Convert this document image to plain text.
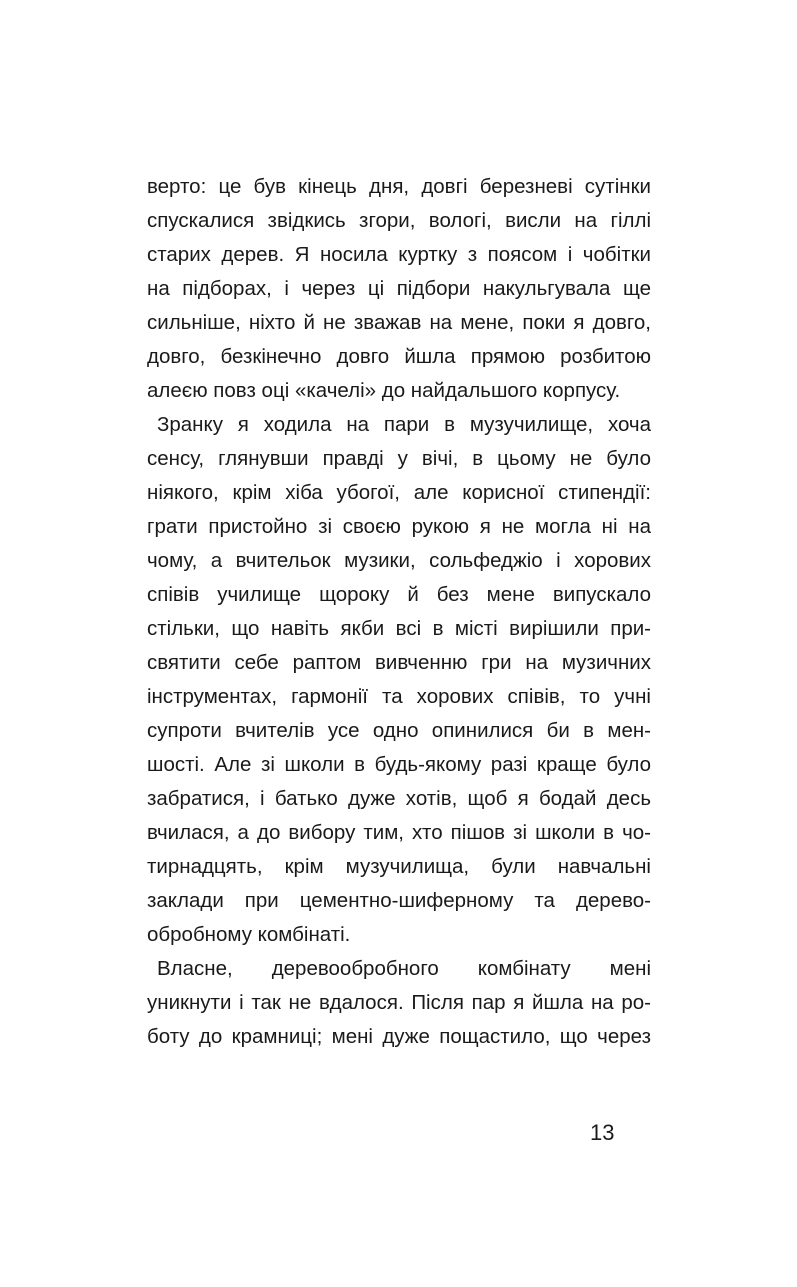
верто: це був кінець дня, довгі березневі сутінки
спускалися звідкись згори, вологі, висли на гіллі
старих дерев. Я носила куртку з поясом і чобітки
на підборах, і через ці підбори накульгувала ще
сильніше, ніхто й не зважав на мене, поки я довго,
довго, безкінечно довго йшла прямою розбитою
алеєю повз оці «качелі» до найдальшого корпусу.
Зранку я ходила на пари в музучилище, хоча
сенсу, глянувши правді у вічі, в цьому не було
ніякого, крім хіба убогої, але корисної стипендії:
грати пристойно зі своєю рукою я не могла ні на
чому, а вчительок музики, сольфеджіо і хорових
співів училище щороку й без мене випускало
стільки, що навіть якби всі в місті вирішили при-
святити себе раптом вивченню гри на музичних
інструментах, гармонії та хорових співів, то учні
супроти вчителів усе одно опинилися би в мен-
шості. Але зі школи в будь-якому разі краще було
забратися, і батько дуже хотів, щоб я бодай десь
вчилася, а до вибору тим, хто пішов зі школи в чо-
тирнадцять, крім музучилища, були навчальні
заклади при цементно-шиферному та дерево-
обробному комбінаті.
Власне, деревообробного комбінату мені
уникнути і так не вдалося. Після пар я йшла на ро-
боту до крамниці; мені дуже пощастило, що через
13
